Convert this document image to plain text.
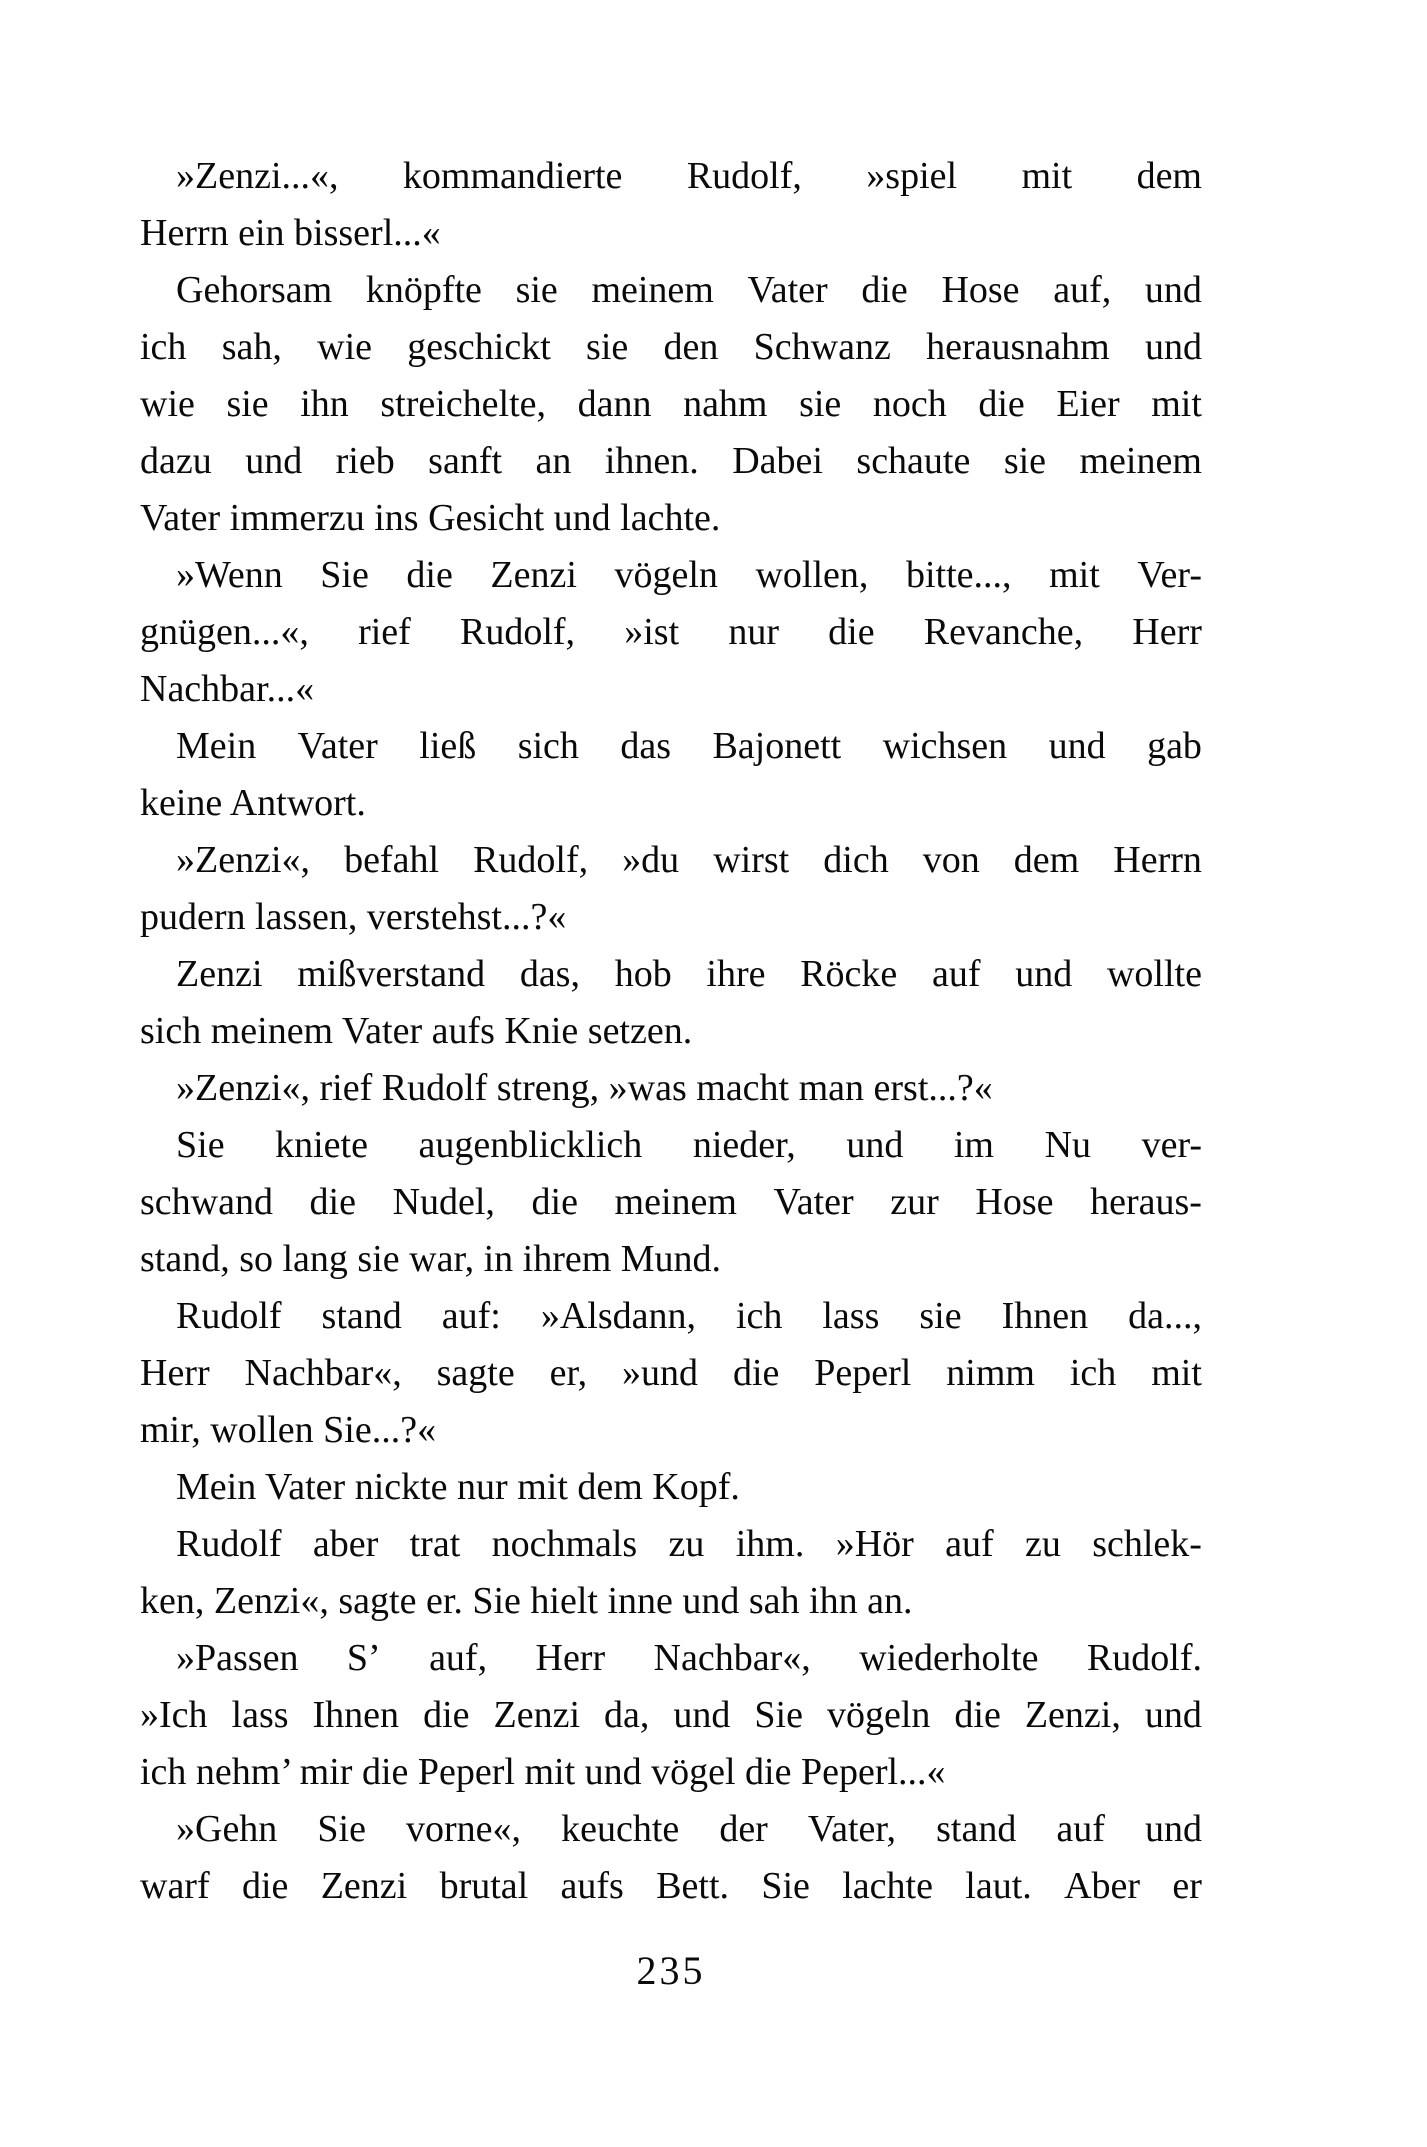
»Zenzi...«, kommandierte Rudolf, »spiel mit dem
Herrn ein bisserl...«
Gehorsam knöpfte sie meinem Vater die Hose auf, und
ich sah, wie geschickt sie den Schwanz herausnahm und
wie sie ihn streichelte, dann nahm sie noch die Eier mit
dazu und rieb sanft an ihnen. Dabei schaute sie meinem
Vater immerzu ins Gesicht und lachte.
»Wenn Sie die Zenzi vögeln wollen, bitte..., mit Ver-
gnügen...«, rief Rudolf, »ist nur die Revanche, Herr
Nachbar...«
Mein Vater ließ sich das Bajonett wichsen und gab
keine Antwort.
»Zenzi«, befahl Rudolf, »du wirst dich von dem Herrn
pudern lassen, verstehst...?«
Zenzi mißverstand das, hob ihre Röcke auf und wollte
sich meinem Vater aufs Knie setzen.
»Zenzi«, rief Rudolf streng, »was macht man erst...?«
Sie kniete augenblicklich nieder, und im Nu ver-
schwand die Nudel, die meinem Vater zur Hose heraus-
stand, so lang sie war, in ihrem Mund.
Rudolf stand auf: »Alsdann, ich lass sie Ihnen da...,
Herr Nachbar«, sagte er, »und die Peperl nimm ich mit
mir, wollen Sie...?«
Mein Vater nickte nur mit dem Kopf.
Rudolf aber trat nochmals zu ihm. »Hör auf zu schlek-
ken, Zenzi«, sagte er. Sie hielt inne und sah ihn an.
»Passen S’ auf, Herr Nachbar«, wiederholte Rudolf.
»Ich lass Ihnen die Zenzi da, und Sie vögeln die Zenzi, und
ich nehm’ mir die Peperl mit und vögel die Peperl...«
»Gehn Sie vorne«, keuchte der Vater, stand auf und
warf die Zenzi brutal aufs Bett. Sie lachte laut. Aber er
235
